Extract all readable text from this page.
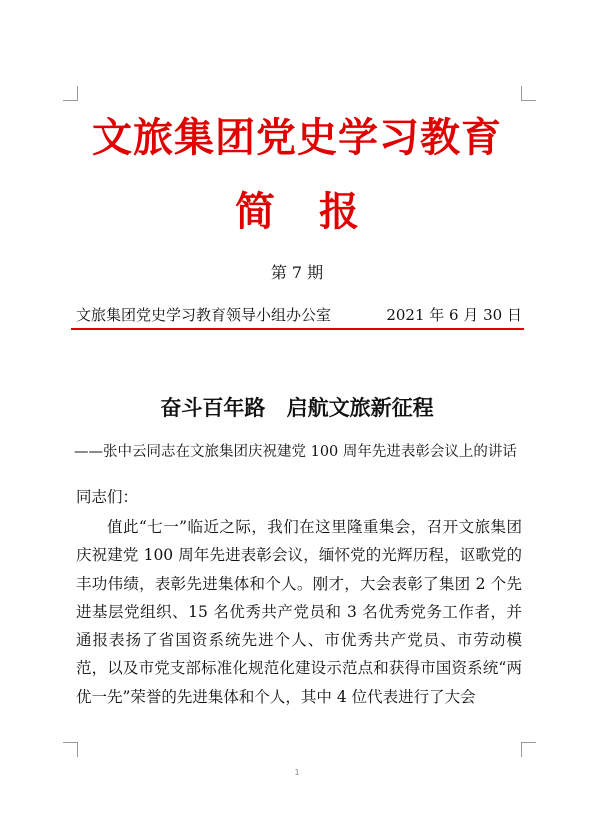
文旅集团党史学习教育
简报
第 7 期
文旅集团党史学习教育领导小组办公室	2021 年 6 月 30 日
奋斗百年路 启航文旅新征程
——张中云同志在文旅集团庆祝建党 100 周年先进表彰会议上的讲话
同志们：
值此“七一”临近之际，我们在这里隆重集会，召开文旅集团庆祝建党 100 周年先进表彰会议，缅怀党的光辉历程，讴歌党的丰功伟绩，表彰先进集体和个人。刚才，大会表彰了集团 2 个先进基层党组织、15 名优秀共产党员和 3 名优秀党务工作者，并通报表扬了省国资系统先进个人、市优秀共产党员、市劳动模范，以及市党支部标准化规范化建设示范点和获得市国资系统“两优一先”荣誉的先进集体和个人，其中 4 位代表进行了大会
1
